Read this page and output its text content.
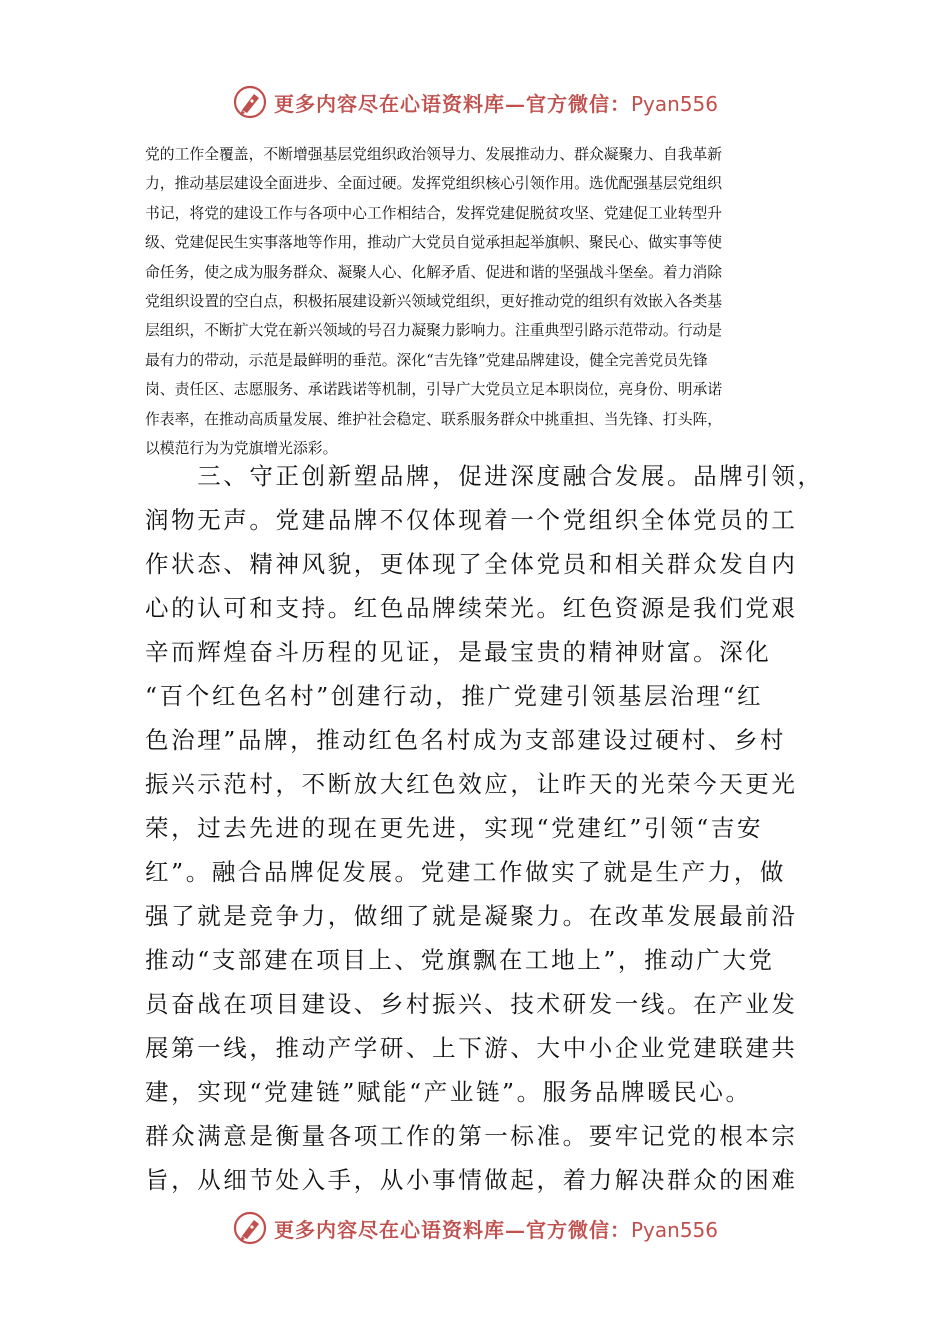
更多内容尽在心语资料库—官方微信：Pyan556
党的工作全覆盖，不断增强基层党组织政治领导力、发展推动力、群众凝聚力、自我革新
力，推动基层建设全面进步、全面过硬。发挥党组织核心引领作用。选优配强基层党组织
书记，将党的建设工作与各项中心工作相结合，发挥党建促脱贫攻坚、党建促工业转型升
级、党建促民生实事落地等作用，推动广大党员自觉承担起举旗帜、聚民心、做实事等使
命任务，使之成为服务群众、凝聚人心、化解矛盾、促进和谐的坚强战斗堡垒。着力消除
党组织设置的空白点，积极拓展建设新兴领域党组织，更好推动党的组织有效嵌入各类基
层组织，不断扩大党在新兴领域的号召力凝聚力影响力。注重典型引路示范带动。行动是
最有力的带动，示范是最鲜明的垂范。深化“吉先锋”党建品牌建设，健全完善党员先锋
岗、责任区、志愿服务、承诺践诺等机制，引导广大党员立足本职岗位，亮身份、明承诺
作表率，在推动高质量发展、维护社会稳定、联系服务群众中挑重担、当先锋、打头阵，
以模范行为为党旗增光添彩。
　　三、守正创新塑品牌，促进深度融合发展。品牌引领，
润物无声。党建品牌不仅体现着一个党组织全体党员的工
作状态、精神风貌，更体现了全体党员和相关群众发自内
心的认可和支持。红色品牌续荣光。红色资源是我们党艰
辛而辉煌奋斗历程的见证，是最宝贵的精神财富。深化
“百个红色名村”创建行动，推广党建引领基层治理“红
色治理”品牌，推动红色名村成为支部建设过硬村、乡村
振兴示范村，不断放大红色效应，让昨天的光荣今天更光
荣，过去先进的现在更先进，实现“党建红”引领“吉安
红”。融合品牌促发展。党建工作做实了就是生产力，做
强了就是竞争力，做细了就是凝聚力。在改革发展最前沿
推动“支部建在项目上、党旗飘在工地上”，推动广大党
员奋战在项目建设、乡村振兴、技术研发一线。在产业发
展第一线，推动产学研、上下游、大中小企业党建联建共
建，实现“党建链”赋能“产业链”。服务品牌暖民心。
群众满意是衡量各项工作的第一标准。要牢记党的根本宗
旨，从细节处入手，从小事情做起，着力解决群众的困难
更多内容尽在心语资料库—官方微信：Pyan556
